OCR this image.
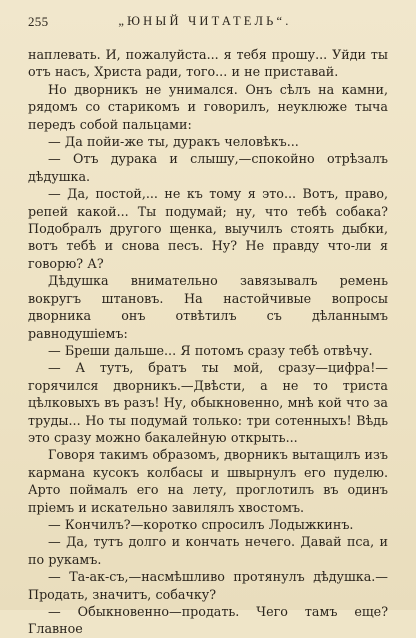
255	„ЮНЫЙ ЧИТАТЕЛЬ“.

наплевать. И, пожалуйста... я тебя прошу... Уйди ты отъ насъ, Христа ради, того... и не приставай.

Но дворникъ не унимался. Онъ сѣлъ на камни, рядомъ со старикомъ и говорилъ, неуклюже тыча передъ собой пальцами:

— Да пойи-же ты, дуракъ человѣкъ...

— Отъ дурака и слышу,—спокойно отрѣзалъ дѣдушка.

— Да, постой,... не къ тому я это... Вотъ, право, репей какой... Ты подумай; ну, что тебѣ собака? Подобралъ другого щенка, выучилъ стоять дыбки, вотъ тебѣ и снова песъ. Ну? Не правду что-ли я говорю? А?

Дѣдушка внимательно завязывалъ ремень вокругъ штановъ. На настойчивые вопросы дворника онъ отвѣтилъ съ дѣланнымъ равнодушіемъ:

— Бреши дальше... Я потомъ сразу тебѣ отвѣчу.

— А тутъ, братъ ты мой, сразу—цифра!—горячился дворникъ.—Двѣсти, а не то триста цѣлковыхъ въ разъ! Ну, обыкновенно, мнѣ кой что за труды... Но ты подумай только: три сотенныхъ! Вѣдь это сразу можно бакалейную открыть...

Говоря такимъ образомъ, дворникъ вытащилъ изъ кармана кусокъ колбасы и швырнулъ его пуделю. Арто поймалъ его на лету, проглотилъ въ одинъ пріемъ и искательно завилялъ хвостомъ.

— Кончилъ?—коротко спросилъ Лодыжкинъ.

— Да, тутъ долго и кончать нечего. Давай пса, и по рукамъ.

— Та-ак-съ,—насмѣшливо протянулъ дѣдушка.—Продать, значитъ, собачку?

— Обыкновенно—продать. Чего тамъ еще? Главное
